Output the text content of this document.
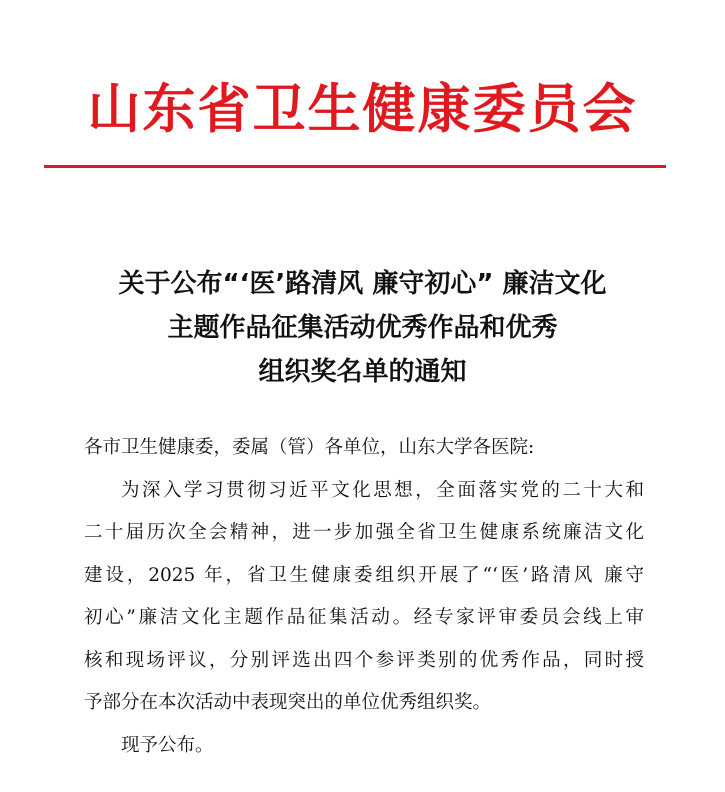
山东省卫生健康委员会
关于公布“‘医’路清风 廉守初心” 廉洁文化
主题作品征集活动优秀作品和优秀
组织奖名单的通知
各市卫生健康委，委属（管）各单位，山东大学各医院:
为深入学习贯彻习近平文化思想，全面落实党的二十大和
二十届历次全会精神，进一步加强全省卫生健康系统廉洁文化
建设，2025 年，省卫生健康委组织开展了“‘医’路清风 廉守
初心”廉洁文化主题作品征集活动。经专家评审委员会线上审
核和现场评议，分别评选出四个参评类别的优秀作品，同时授
予部分在本次活动中表现突出的单位优秀组织奖。
现予公布。
